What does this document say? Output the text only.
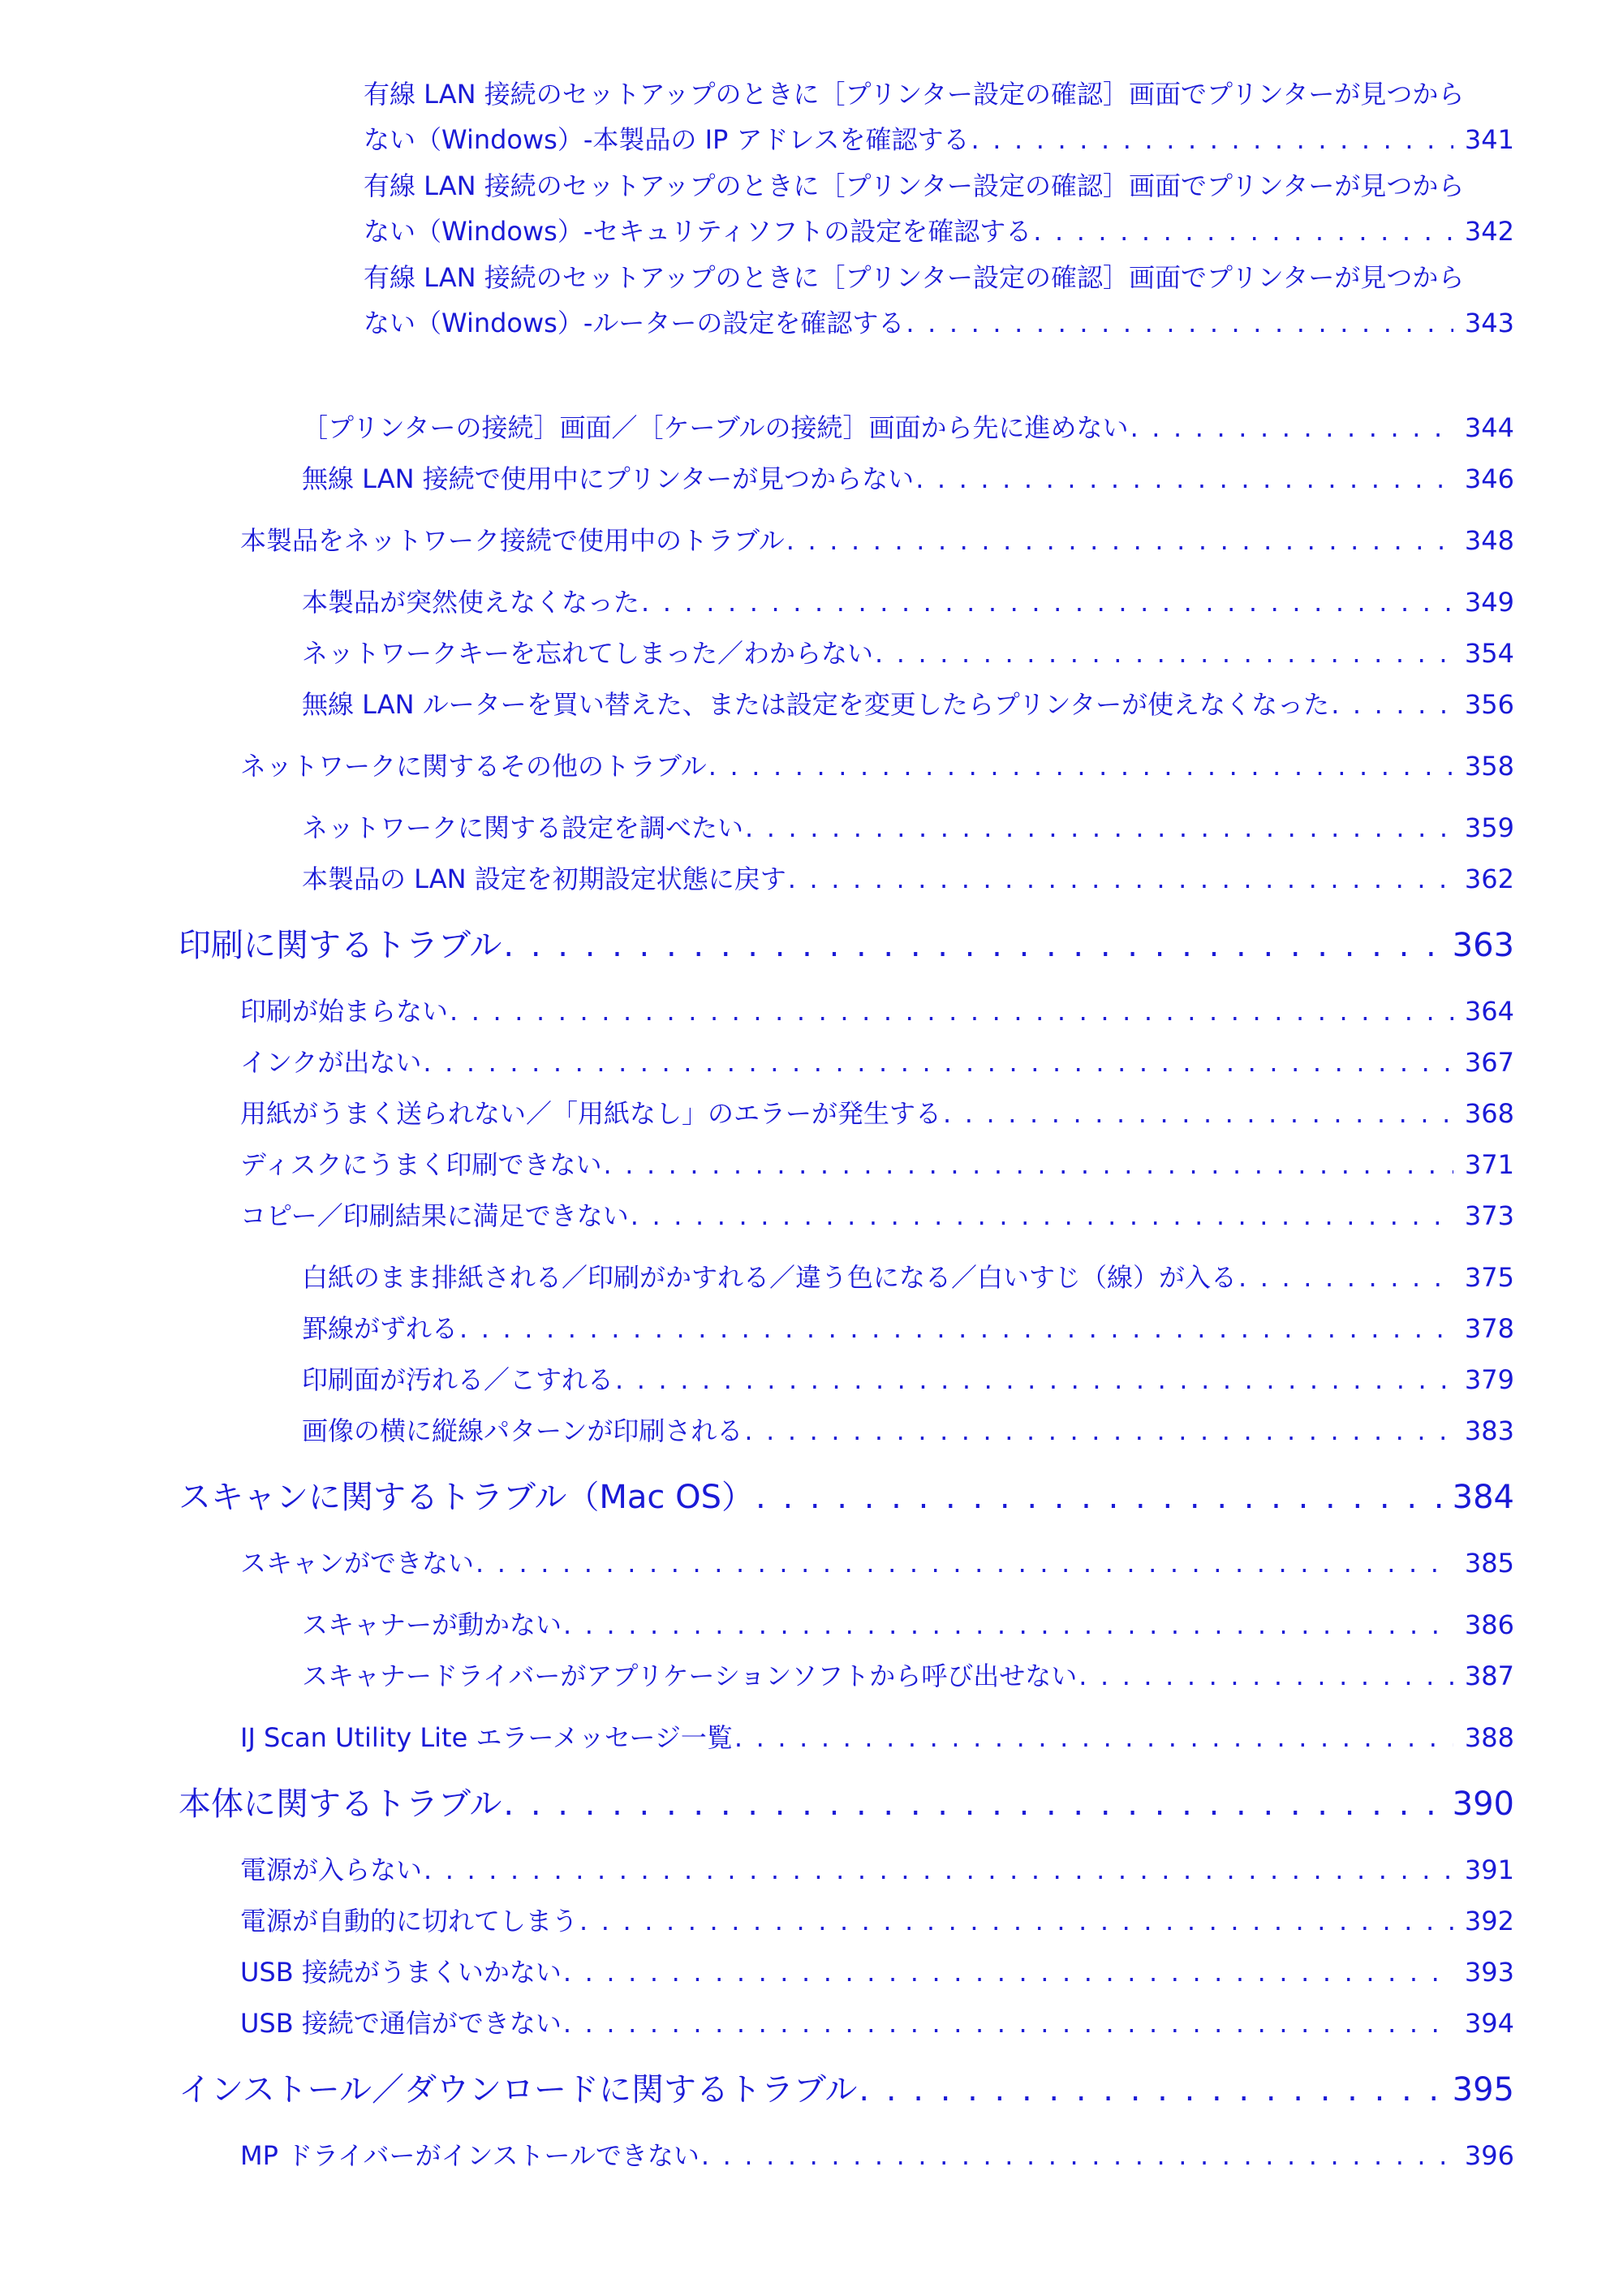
有線 LAN 接続のセットアップのときに［プリンター設定の確認］画面でプリンターが見つから
ない（Windows）-本製品の IP アドレスを確認する . . .	341
有線 LAN 接続のセットアップのときに［プリンター設定の確認］画面でプリンターが見つから
ない（Windows）-セキュリティソフトの設定を確認する . . .	342
有線 LAN 接続のセットアップのときに［プリンター設定の確認］画面でプリンターが見つから
ない（Windows）-ルーターの設定を確認する . . .	343
［プリンターの接続］画面／［ケーブルの接続］画面から先に進めない . . .	344
無線 LAN 接続で使用中にプリンターが見つからない . . .	346
本製品をネットワーク接続で使用中のトラブル . . .	348
本製品が突然使えなくなった . . .	349
ネットワークキーを忘れてしまった／わからない . . .	354
無線 LAN ルーターを買い替えた、または設定を変更したらプリンターが使えなくなった . . .	356
ネットワークに関するその他のトラブル . . .	358
ネットワークに関する設定を調べたい . . .	359
本製品の LAN 設定を初期設定状態に戻す . . .	362
印刷に関するトラブル . . .	363
印刷が始まらない . . .	364
インクが出ない . . .	367
用紙がうまく送られない／「用紙なし」のエラーが発生する . . .	368
ディスクにうまく印刷できない . . .	371
コピー／印刷結果に満足できない . . .	373
白紙のまま排紙される／印刷がかすれる／違う色になる／白いすじ（線）が入る . . .	375
罫線がずれる . . .	378
印刷面が汚れる／こすれる . . .	379
画像の横に縦線パターンが印刷される . . .	383
スキャンに関するトラブル（Mac OS） . . .	384
スキャンができない . . .	385
スキャナーが動かない . . .	386
スキャナードライバーがアプリケーションソフトから呼び出せない . . .	387
IJ Scan Utility Lite エラーメッセージ一覧 . . .	388
本体に関するトラブル . . .	390
電源が入らない . . .	391
電源が自動的に切れてしまう . . .	392
USB 接続がうまくいかない . . .	393
USB 接続で通信ができない . . .	394
インストール／ダウンロードに関するトラブル . . .	395
MP ドライバーがインストールできない . . .	396
